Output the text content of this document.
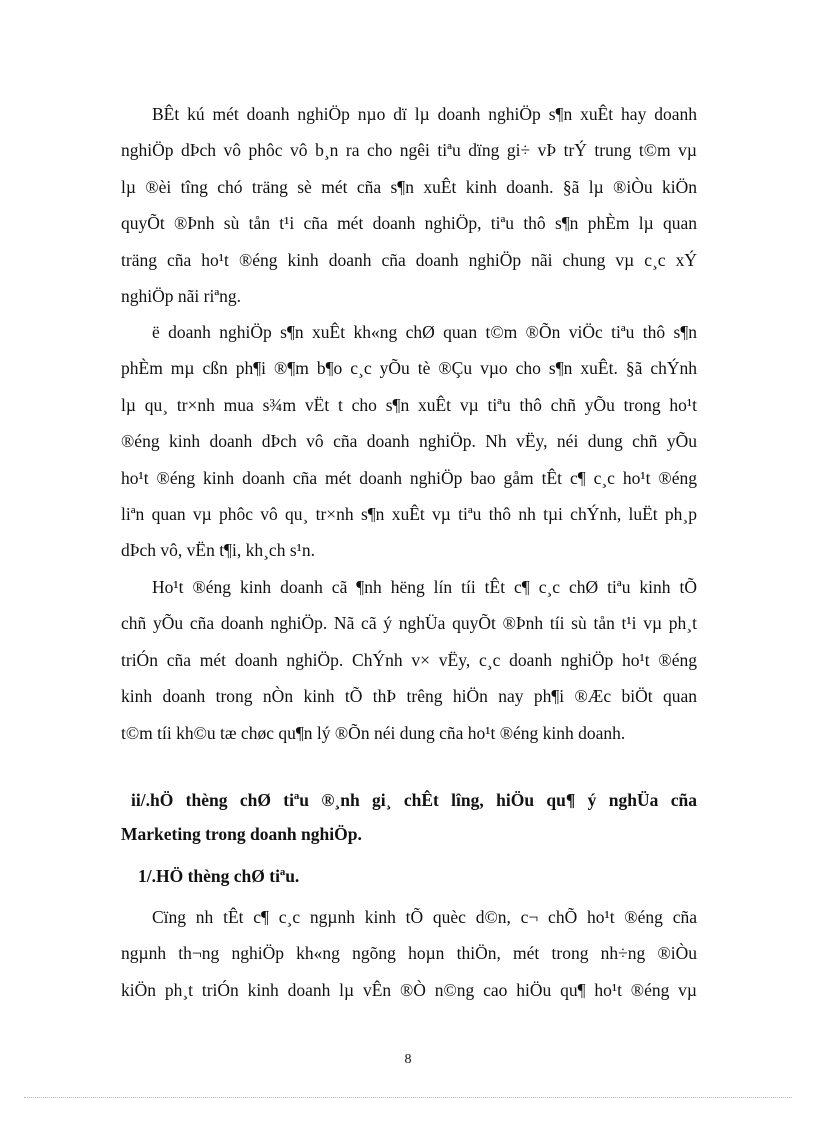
BÊt kú mét doanh nghiÖp nµo dï lµ doanh nghiÖp s¶n xuÊt hay doanh
nghiÖp dÞch vô phôc vô b¸n ra cho ngêi tiªu dïng gi÷ vÞ trÝ trung t©m vµ
lµ ®èi tîng chó träng sè mét cña s¶n xuÊt kinh doanh. §ã lµ ®iÒu kiÖn
quyÕt ®Þnh sù tån t¹i cña mét doanh nghiÖp, tiªu thô s¶n phÈm lµ quan
träng cña ho¹t ®éng kinh doanh cña doanh nghiÖp nãi chung vµ c¸c xÝ
nghiÖp nãi riªng.

ë doanh nghiÖp s¶n xuÊt kh«ng chØ quan t©m ®Õn viÖc tiªu thô s¶n
phÈm mµ cßn ph¶i ®¶m b¶o c¸c yÕu tè ®Çu vµo cho s¶n xuÊt. §ã chÝnh
lµ qu¸ tr×nh mua s¾m vËt t cho s¶n xuÊt vµ tiªu thô chñ yÕu trong ho¹t
®éng kinh doanh dÞch vô cña doanh nghiÖp. Nh vËy, néi dung chñ yÕu
ho¹t ®éng kinh doanh cña mét doanh nghiÖp bao gåm tÊt c¶ c¸c ho¹t ®éng
liªn quan vµ phôc vô qu¸ tr×nh s¶n xuÊt vµ tiªu thô nh tµi chÝnh, luËt ph¸p
dÞch vô, vËn t¶i, kh¸ch s¹n.

Ho¹t ®éng kinh doanh cã ¶nh hëng lín tíi tÊt c¶ c¸c chØ tiªu kinh tÕ
chñ yÕu cña doanh nghiÖp. Nã cã ý nghÜa quyÕt ®Þnh tíi sù tån t¹i vµ ph¸t
triÓn cña mét doanh nghiÖp. ChÝnh v× vËy, c¸c doanh nghiÖp ho¹t ®éng
kinh doanh trong nÒn kinh tÕ thÞ trêng hiÖn nay ph¶i ®Æc biÖt quan
t©m tíi kh©u tæ chøc qu¶n lý ®Õn néi dung cña ho¹t ®éng kinh doanh.

ii/.hÖ thèng chØ tiªu ®¸nh gi¸ chÊt lîng, hiÖu qu¶ ý nghÜa cña
Marketing trong doanh nghiÖp.
1/.HÖ thèng chØ tiªu.

Cïng nh tÊt c¶ c¸c ngµnh kinh tÕ quèc d©n, c¬ chÕ ho¹t ®éng cña
ngµnh th¬ng nghiÖp kh«ng ngõng hoµn thiÖn, mét trong nh÷ng ®iÒu
kiÖn ph¸t triÓn kinh doanh lµ vÊn ®Ò n©ng cao hiÖu qu¶ ho¹t ®éng vµ

8
